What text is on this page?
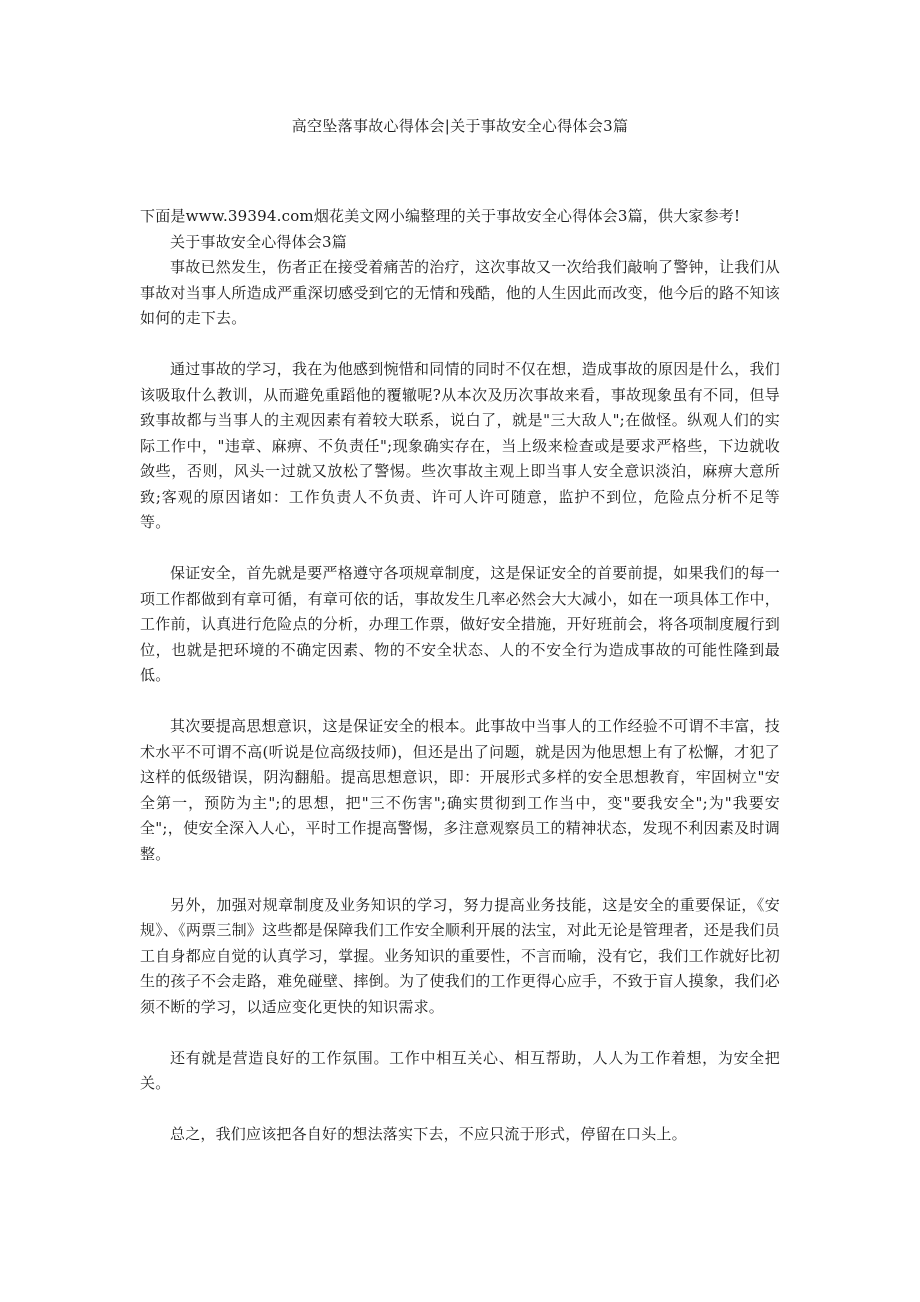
高空坠落事故心得体会|关于事故安全心得体会3篇

下面是www.39394.com烟花美文网小编整理的关于事故安全心得体会3篇，供大家参考!

关于事故安全心得体会3篇

事故已然发生，伤者正在接受着痛苦的治疗，这次事故又一次给我们敲响了警钟，让我们从事故对当事人所造成严重深切感受到它的无情和残酷，他的人生因此而改变，他今后的路不知该如何的走下去。

通过事故的学习，我在为他感到惋惜和同情的同时不仅在想，造成事故的原因是什么，我们该吸取什么教训，从而避免重蹈他的覆辙呢?从本次及历次事故来看，事故现象虽有不同，但导致事故都与当事人的主观因素有着较大联系，说白了，就是"三大敌人";在做怪。纵观人们的实际工作中，"违章、麻痹、不负责任";现象确实存在，当上级来检查或是要求严格些，下边就收敛些，否则，风头一过就又放松了警惕。些次事故主观上即当事人安全意识淡泊，麻痹大意所致;客观的原因诸如：工作负责人不负责、许可人许可随意，监护不到位，危险点分析不足等等。

保证安全，首先就是要严格遵守各项规章制度，这是保证安全的首要前提，如果我们的每一项工作都做到有章可循，有章可依的话，事故发生几率必然会大大减小，如在一项具体工作中，工作前，认真进行危险点的分析，办理工作票，做好安全措施，开好班前会，将各项制度履行到位，也就是把环境的不确定因素、物的不安全状态、人的不安全行为造成事故的可能性隆到最低。

其次要提高思想意识，这是保证安全的根本。此事故中当事人的工作经验不可谓不丰富，技术水平不可谓不高(听说是位高级技师)，但还是出了问题，就是因为他思想上有了松懈，才犯了这样的低级错误，阴沟翻船。提高思想意识，即：开展形式多样的安全思想教育，牢固树立"安全第一，预防为主";的思想，把"三不伤害";确实贯彻到工作当中，变"要我安全";为"我要安全";，使安全深入人心，平时工作提高警惕，多注意观察员工的精神状态，发现不利因素及时调整。

另外，加强对规章制度及业务知识的学习，努力提高业务技能，这是安全的重要保证，《安规》、《两票三制》这些都是保障我们工作安全顺利开展的法宝，对此无论是管理者，还是我们员工自身都应自觉的认真学习，掌握。业务知识的重要性，不言而喻，没有它，我们工作就好比初生的孩子不会走路，难免碰壁、摔倒。为了使我们的工作更得心应手，不致于盲人摸象，我们必须不断的学习，以适应变化更快的知识需求。

还有就是营造良好的工作氛围。工作中相互关心、相互帮助，人人为工作着想，为安全把关。

总之，我们应该把各自好的想法落实下去，不应只流于形式，停留在口头上。
